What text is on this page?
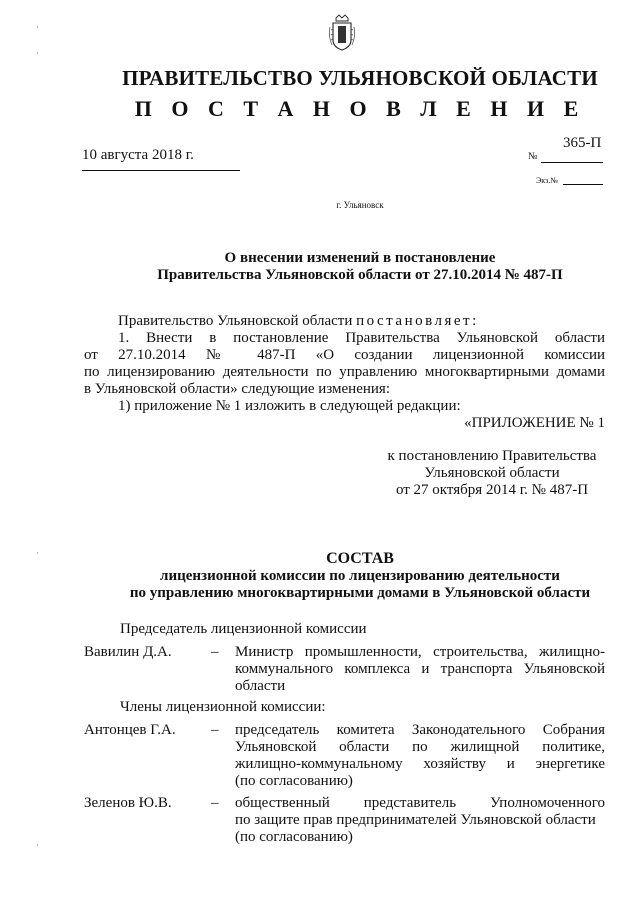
·
·
·
·
ПРАВИТЕЛЬСТВО УЛЬЯНОВСКОЙ ОБЛАСТИ
П О С Т А Н О В Л Е Н И Е
10 августа 2018 г.	№
365-П
Экз.№
г. Ульяновск
О внесении изменений в постановление
Правительства Ульяновской области от 27.10.2014 № 487-П
Правительство Ульяновской области постановляет:
1. Внести в постановление Правительства Ульяновской области
от 27.10.2014 № 487-П «О создании лицензионной комиссии
по лицензированию деятельности по управлению многоквартирными домами
в Ульяновской области» следующие изменения:
1) приложение № 1 изложить в следующей редакции:
«ПРИЛОЖЕНИЕ № 1
к постановлению Правительства
Ульяновской области
от 27 октября 2014 г. № 487-П
СОСТАВ
лицензионной комиссии по лицензированию деятельности
по управлению многоквартирными домами в Ульяновской области
Председатель лицензионной комиссии
Вавилин Д.А.	– Министр промышленности, строительства, жилищно-
коммунального комплекса и транспорта Ульяновской
области
Члены лицензионной комиссии:
Антонцев Г.А. – председатель комитета Законодательного Собрания
Ульяновской области по жилищной политике,
жилищно-коммунальному хозяйству и энергетике
(по согласованию)
Зеленов Ю.В.	– общественный представитель Уполномоченного
по защите прав предпринимателей Ульяновской области
(по согласованию)
